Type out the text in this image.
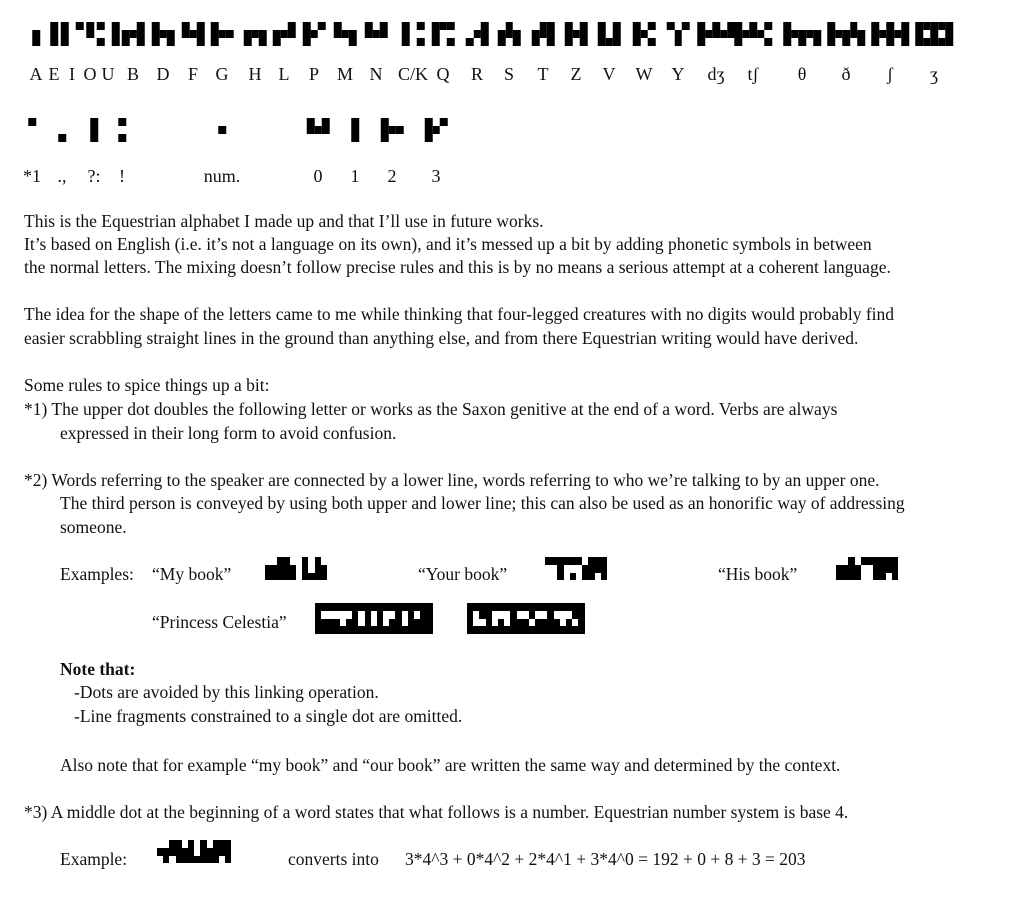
A E I O U B D F G H L P M N C/K Q R S T Z V W Y dʒ tʃ θ ð ʃ ʒ
*1 ., ?: !	num.	0 1 2 3
This is the Equestrian alphabet I made up and that I’ll use in future works.
It’s based on English (i.e. it’s not a language on its own), and it’s messed up a bit by adding phonetic symbols in between
the normal letters. The mixing doesn’t follow precise rules and this is by no means a serious attempt at a coherent language.
The idea for the shape of the letters came to me while thinking that four-legged creatures with no digits would probably find
easier scrabbling straight lines in the ground than anything else, and from there Equestrian writing would have derived.
Some rules to spice things up a bit:
*1) The upper dot doubles the following letter or works as the Saxon genitive at the end of a word. Verbs are always
expressed in their long form to avoid confusion.
*2) Words referring to the speaker are connected by a lower line, words referring to who we’re talking to by an upper one.
The third person is conveyed by using both upper and lower line; this can also be used as an honorific way of addressing
someone.
Examples: “My book”	“Your book”	“His book”
“Princess Celestia”
Note that:
-Dots are avoided by this linking operation.
-Line fragments constrained to a single dot are omitted.
Also note that for example “my book” and “our book” are written the same way and determined by the context.
*3) A middle dot at the beginning of a word states that what follows is a number. Equestrian number system is base 4.
Example:	converts into 3*4^3 + 0*4^2 + 2*4^1 + 3*4^0 = 192 + 0 + 8 + 3 = 203
